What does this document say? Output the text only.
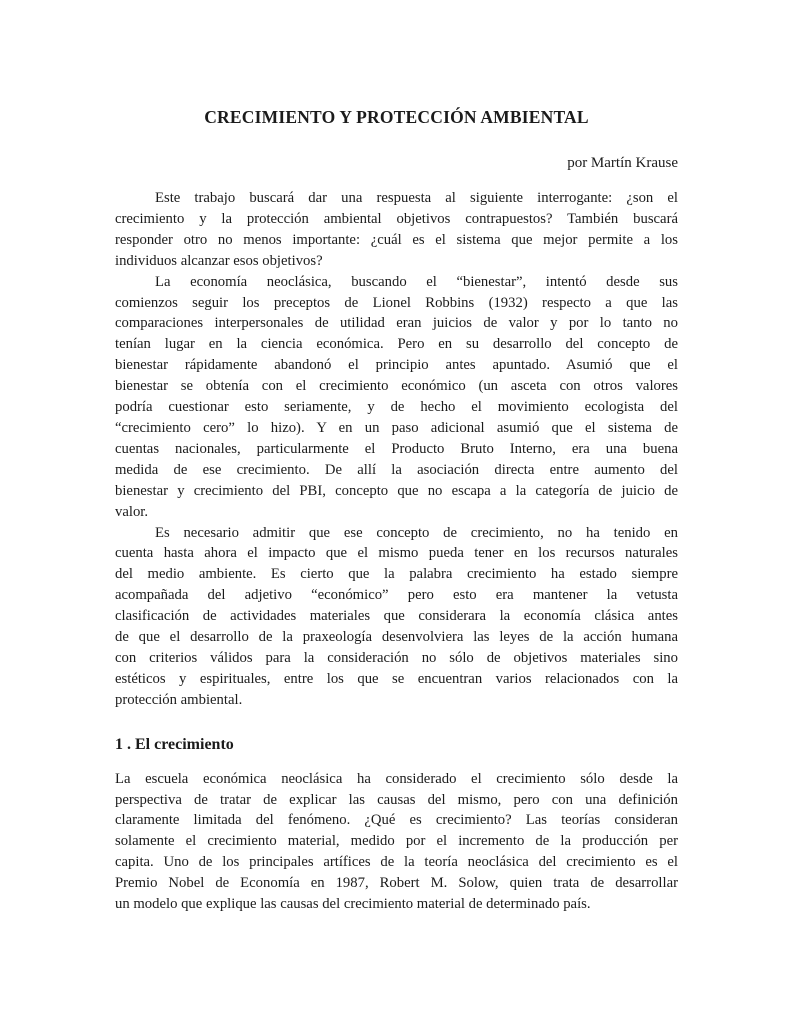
CRECIMIENTO Y PROTECCIÓN AMBIENTAL
por Martín Krause
Este trabajo buscará dar una respuesta al siguiente interrogante: ¿son el
crecimiento y la protección ambiental objetivos contrapuestos? También buscará
responder otro no menos importante: ¿cuál es el sistema que mejor permite a los
individuos alcanzar esos objetivos?
La economía neoclásica, buscando el “bienestar”, intentó desde sus
comienzos seguir los preceptos de Lionel Robbins (1932) respecto a que las
comparaciones interpersonales de utilidad eran juicios de valor y por lo tanto no
tenían lugar en la ciencia económica. Pero en su desarrollo del concepto de
bienestar rápidamente abandonó el principio antes apuntado. Asumió que el
bienestar se obtenía con el crecimiento económico (un asceta con otros valores
podría cuestionar esto seriamente, y de hecho el movimiento ecologista del
“crecimiento cero” lo hizo). Y en un paso adicional asumió que el sistema de
cuentas nacionales, particularmente el Producto Bruto Interno, era una buena
medida de ese crecimiento. De allí la asociación directa entre aumento del
bienestar y crecimiento del PBI, concepto que no escapa a la categoría de juicio de
valor.
Es necesario admitir que ese concepto de crecimiento, no ha tenido en
cuenta hasta ahora el impacto que el mismo pueda tener en los recursos naturales
del medio ambiente. Es cierto que la palabra crecimiento ha estado siempre
acompañada del adjetivo “económico” pero esto era mantener la vetusta
clasificación de actividades materiales que considerara la economía clásica antes
de que el desarrollo de la praxeología desenvolviera las leyes de la acción humana
con criterios válidos para la consideración no sólo de objetivos materiales sino
estéticos y espirituales, entre los que se encuentran varios relacionados con la
protección ambiental.
1 . El crecimiento
La escuela económica neoclásica ha considerado el crecimiento sólo desde la
perspectiva de tratar de explicar las causas del mismo, pero con una definición
claramente limitada del fenómeno. ¿Qué es crecimiento? Las teorías consideran
solamente el crecimiento material, medido por el incremento de la producción per
capita. Uno de los principales artífices de la teoría neoclásica del crecimiento es el
Premio Nobel de Economía en 1987, Robert M. Solow, quien trata de desarrollar
un modelo que explique las causas del crecimiento material de determinado país.
